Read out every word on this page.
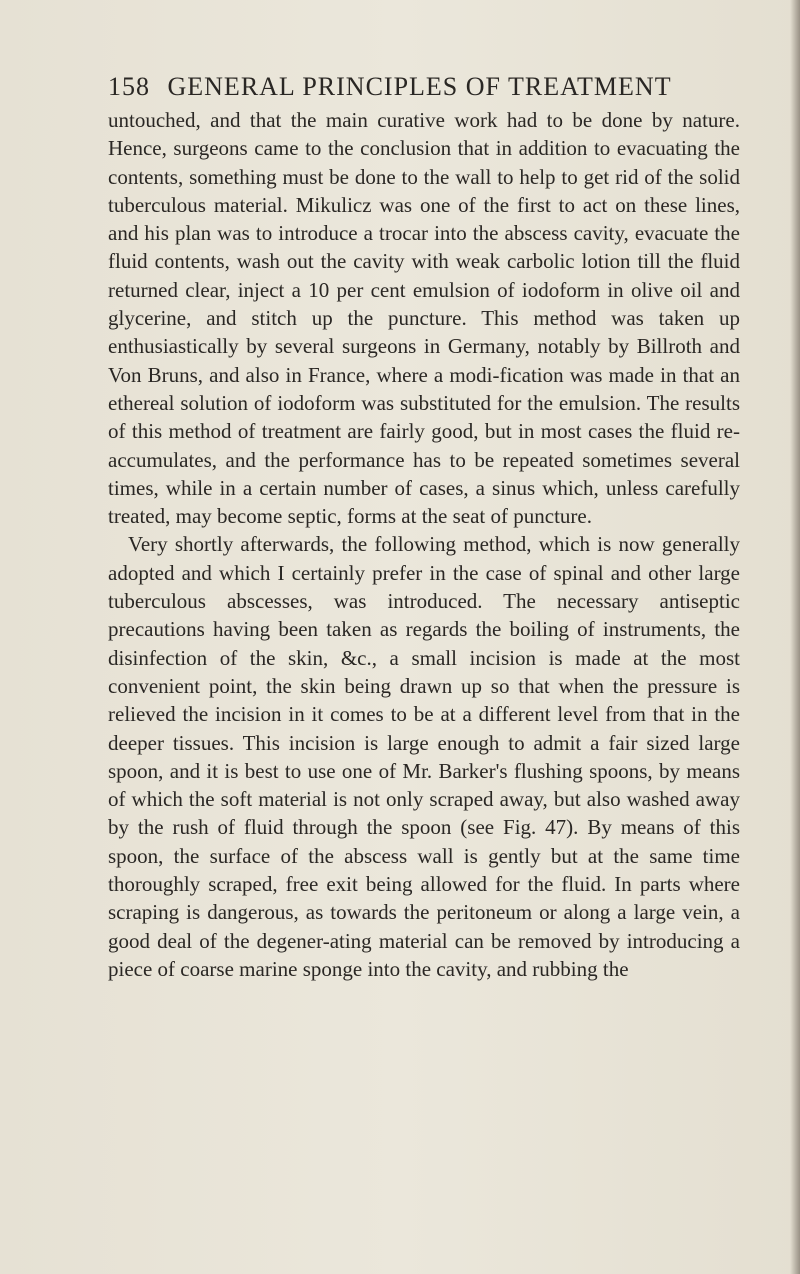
158 GENERAL PRINCIPLES OF TREATMENT

untouched, and that the main curative work had to be done by nature. Hence, surgeons came to the conclusion that in addition to evacuating the contents, something must be done to the wall to help to get rid of the solid tuberculous material. Mikulicz was one of the first to act on these lines, and his plan was to introduce a trocar into the abscess cavity, evacuate the fluid contents, wash out the cavity with weak carbolic lotion till the fluid returned clear, inject a 10 per cent emulsion of iodoform in olive oil and glycerine, and stitch up the puncture. This method was taken up enthusiastically by several surgeons in Germany, notably by Billroth and Von Bruns, and also in France, where a modi-fication was made in that an ethereal solution of iodoform was substituted for the emulsion. The results of this method of treatment are fairly good, but in most cases the fluid re-accumulates, and the performance has to be repeated sometimes several times, while in a certain number of cases, a sinus which, unless carefully treated, may become septic, forms at the seat of puncture.

Very shortly afterwards, the following method, which is now generally adopted and which I certainly prefer in the case of spinal and other large tuberculous abscesses, was introduced. The necessary antiseptic precautions having been taken as regards the boiling of instruments, the disinfection of the skin, &c., a small incision is made at the most convenient point, the skin being drawn up so that when the pressure is relieved the incision in it comes to be at a different level from that in the deeper tissues. This incision is large enough to admit a fair sized large spoon, and it is best to use one of Mr. Barker's flushing spoons, by means of which the soft material is not only scraped away, but also washed away by the rush of fluid through the spoon (see Fig. 47). By means of this spoon, the surface of the abscess wall is gently but at the same time thoroughly scraped, free exit being allowed for the fluid. In parts where scraping is dangerous, as towards the peritoneum or along a large vein, a good deal of the degener-ating material can be removed by introducing a piece of coarse marine sponge into the cavity, and rubbing the
